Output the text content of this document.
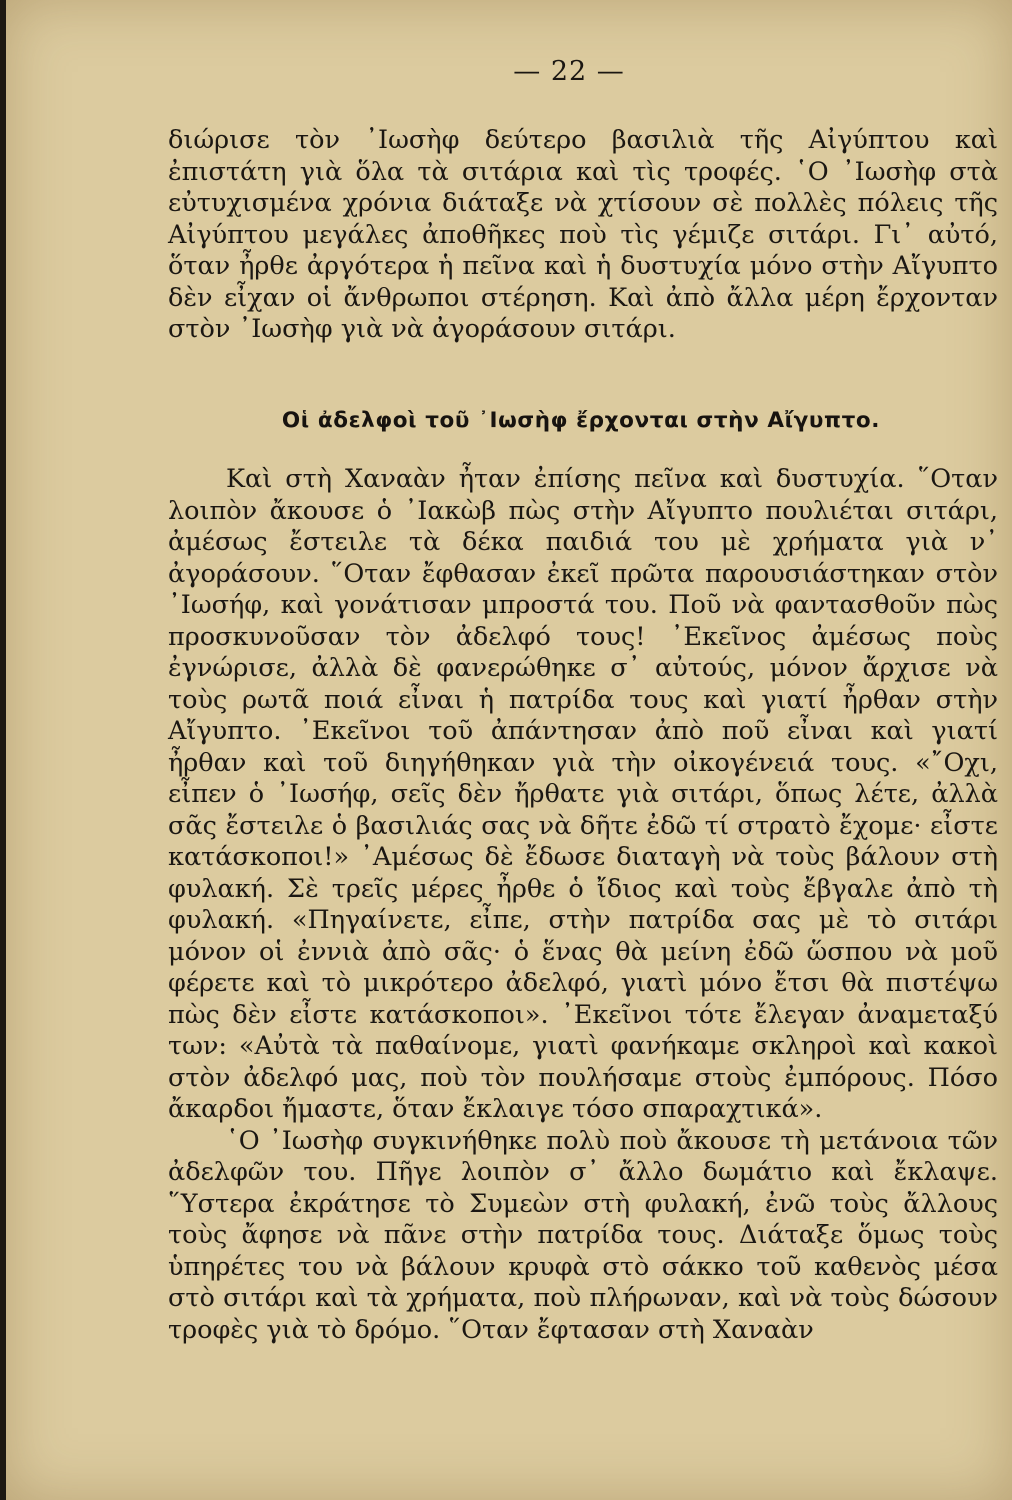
— 22 —

διώρισε τὸν ᾿Ιωσὴφ δεύτερο βασιλιὰ τῆς Αἰγύπτου καὶ ἐπιστάτη γιὰ ὅλα τὰ σιτάρια καὶ τὶς τροφές. ῾Ο ᾿Ιωσὴφ στὰ εὐτυχισμένα χρόνια διάταξε νὰ χτίσουν σὲ πολλὲς πόλεις τῆς Αἰγύπτου μεγάλες ἀποθῆκες ποὺ τὶς γέμιζε σιτάρι. Γι᾿ αὐτό, ὅταν ἦρθε ἀργότερα ἡ πεῖνα καὶ ἡ δυστυχία μόνο στὴν Αἴγυπτο δὲν εἶχαν οἱ ἄνθρωποι στέρηση. Καὶ ἀπὸ ἄλλα μέρη ἔρχονταν στὸν ᾿Ιωσὴφ γιὰ νὰ ἀγοράσουν σιτάρι.

Οἱ ἀδελφοὶ τοῦ ᾿Ιωσὴφ ἔρχονται στὴν Αἴγυπτο.

Καὶ στὴ Χαναὰν ἦταν ἐπίσης πεῖνα καὶ δυστυχία. ῞Οταν λοιπὸν ἄκουσε ὁ ᾿Ιακὼβ πὼς στὴν Αἴγυπτο πουλιέται σιτάρι, ἀμέσως ἔστειλε τὰ δέκα παιδιά του μὲ χρήματα γιὰ ν᾿ ἀγοράσουν. ῞Οταν ἔφθασαν ἐκεῖ πρῶτα παρουσιάστηκαν στὸν ᾿Ιωσήφ, καὶ γονάτισαν μπροστά του. Ποῦ νὰ φαντασθοῦν πὼς προσκυνοῦσαν τὸν ἀδελφό τους! ᾿Εκεῖνος ἀμέσως ποὺς ἐγνώρισε, ἀλλὰ δὲ φανερώθηκε σ᾿ αὐτούς, μόνον ἄρχισε νὰ τοὺς ρωτᾶ ποιά εἶναι ἡ πατρίδα τους καὶ γιατί ἦρθαν στὴν Αἴγυπτο. ᾿Εκεῖνοι τοῦ ἀπάντησαν ἀπὸ ποῦ εἶναι καὶ γιατί ἦρθαν καὶ τοῦ διηγήθηκαν γιὰ τὴν οἰκογένειά τους. «῎Οχι, εἶπεν ὁ ᾿Ιωσήφ, σεῖς δὲν ἤρθατε γιὰ σιτάρι, ὅπως λέτε, ἀλλὰ σᾶς ἔστειλε ὁ βασιλιάς σας νὰ δῆτε ἐδῶ τί στρατὸ ἔχομε· εἶστε κατάσκοποι!» ᾿Αμέσως δὲ ἔδωσε διαταγὴ νὰ τοὺς βάλουν στὴ φυλακή. Σὲ τρεῖς μέρες ἦρθε ὁ ἴδιος καὶ τοὺς ἔβγαλε ἀπὸ τὴ φυλακή. «Πηγαίνετε, εἶπε, στὴν πατρίδα σας μὲ τὸ σιτάρι μόνον οἱ ἐννιὰ ἀπὸ σᾶς· ὁ ἕνας θὰ μείνη ἐδῶ ὥσπου νὰ μοῦ φέρετε καὶ τὸ μικρότερο ἀδελφό, γιατὶ μόνο ἔτσι θὰ πιστέψω πὼς δὲν εἶστε κατάσκοποι». ᾿Εκεῖνοι τότε ἔλεγαν ἀναμεταξύ των: «Αὐτὰ τὰ παθαίνομε, γιατὶ φανήκαμε σκληροὶ καὶ κακοὶ στὸν ἀδελφό μας, ποὺ τὸν πουλήσαμε στοὺς ἐμπόρους. Πόσο ἄκαρδοι ἤμαστε, ὅταν ἔκλαιγε τόσο σπαραχτικά».

῾Ο ᾿Ιωσὴφ συγκινήθηκε πολὺ ποὺ ἄκουσε τὴ μετάνοια τῶν ἀδελφῶν του. Πῆγε λοιπὸν σ᾿ ἄλλο δωμάτιο καὶ ἔκλαψε. ῞Υστερα ἐκράτησε τὸ Συμεὼν στὴ φυλακή, ἐνῶ τοὺς ἄλλους τοὺς ἄφησε νὰ πᾶνε στὴν πατρίδα τους. Διάταξε ὅμως τοὺς ὑπηρέτες του νὰ βάλουν κρυφὰ στὸ σάκκο τοῦ καθενὸς μέσα στὸ σιτάρι καὶ τὰ χρήματα, ποὺ πλήρωναν, καὶ νὰ τοὺς δώσουν τροφὲς γιὰ τὸ δρόμο. ῞Οταν ἔφτασαν στὴ Χαναὰν
